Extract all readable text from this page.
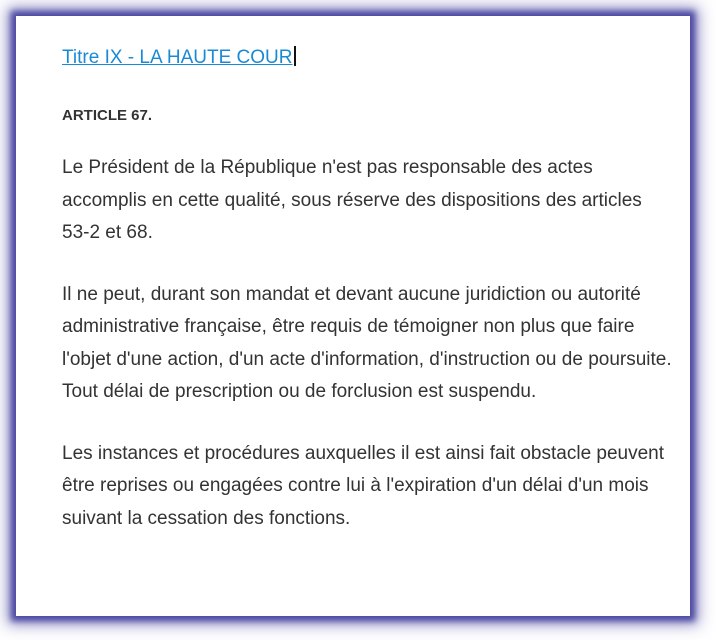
Titre IX - LA HAUTE COUR
ARTICLE 67.
Le Président de la République n'est pas responsable des actes accomplis en cette qualité, sous réserve des dispositions des articles 53-2 et 68.
Il ne peut, durant son mandat et devant aucune juridiction ou autorité administrative française, être requis de témoigner non plus que faire l'objet d'une action, d'un acte d'information, d'instruction ou de poursuite. Tout délai de prescription ou de forclusion est suspendu.
Les instances et procédures auxquelles il est ainsi fait obstacle peuvent être reprises ou engagées contre lui à l'expiration d'un délai d'un mois suivant la cessation des fonctions.
